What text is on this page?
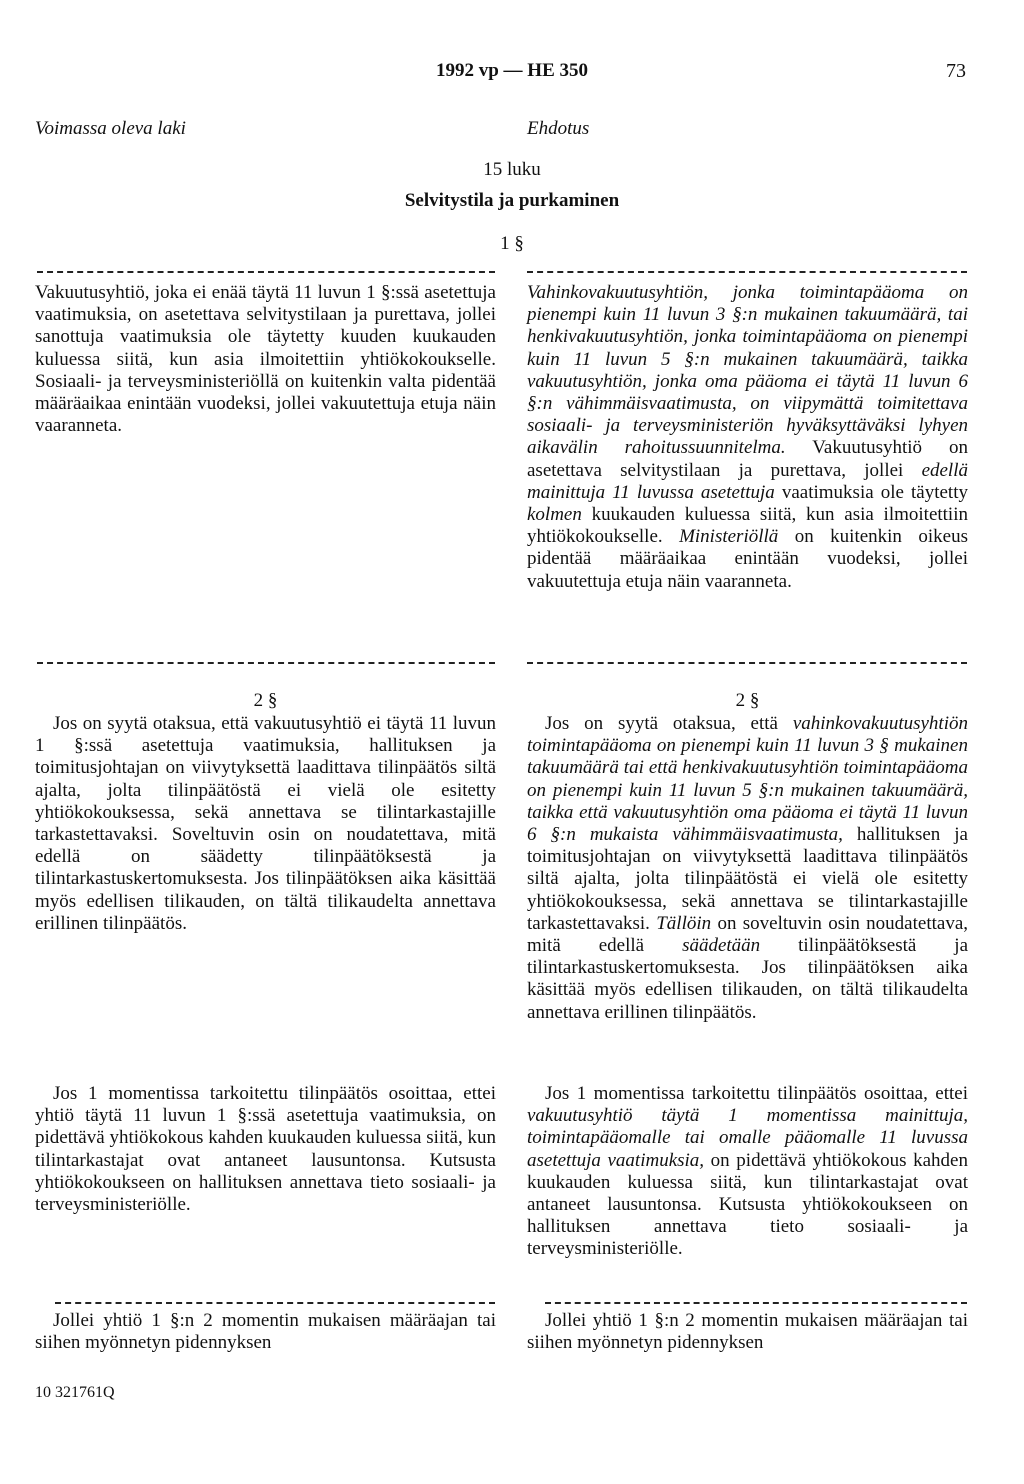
1992 vp — HE 350	73
Voimassa oleva laki	Ehdotus
15 luku
Selvitystila ja purkaminen
1 §

Vakuutusyhtiö, joka ei enää täytä 11 luvun 1 §:ssä asetettuja vaatimuksia, on asetettava selvitystilaan ja purettava, jollei sanottuja vaatimuksia ole täytetty kuuden kuukauden kuluessa siitä, kun asia ilmoitettiin yhtiökokoukselle. Sosiaali- ja terveysministeriöllä on kuitenkin valta pidentää määräaikaa enintään vuodeksi, jollei vakuutettuja etuja näin vaaranneta.

Vahinkovakuutusyhtiön, jonka toimintapääoma on pienempi kuin 11 luvun 3 §:n mukainen takuumäärä, tai henkivakuutusyhtiön, jonka toimintapääoma on pienempi kuin 11 luvun 5 §:n mukainen takuumäärä, taikka vakuutusyhtiön, jonka oma pääoma ei täytä 11 luvun 6 §:n vähimmäisvaatimusta, on viipymättä toimitettava sosiaali- ja terveysministeriön hyväksyttäväksi lyhyen aikavälin rahoitussuunnitelma. Vakuutusyhtiö on asetettava selvitystilaan ja purettava, jollei edellä mainittuja 11 luvussa asetettuja vaatimuksia ole täytetty kolmen kuukauden kuluessa siitä, kun asia ilmoitettiin yhtiökokoukselle. Ministeriöllä on kuitenkin oikeus pidentää määräaikaa enintään vuodeksi, jollei vakuutettuja etuja näin vaaranneta.

2 §	2 §

Jos on syytä otaksua, että vakuutusyhtiö ei täytä 11 luvun 1 §:ssä asetettuja vaatimuksia, hallituksen ja toimitusjohtajan on viivytyksettä laadittava tilinpäätös siltä ajalta, jolta tilinpäätöstä ei vielä ole esitetty yhtiökokouksessa, sekä annettava se tilintarkastajille tarkastettavaksi. Soveltuvin osin on noudatettava, mitä edellä on säädetty tilinpäätöksestä ja tilintarkastuskertomuksesta. Jos tilinpäätöksen aika käsittää myös edellisen tilikauden, on tältä tilikaudelta annettava erillinen tilinpäätös.

Jos on syytä otaksua, että vahinkovakuutusyhtiön toimintapääoma on pienempi kuin 11 luvun 3 § mukainen takuumäärä tai että henkivakuutusyhtiön toimintapääoma on pienempi kuin 11 luvun 5 §:n mukainen takuumäärä, taikka että vakuutusyhtiön oma pääoma ei täytä 11 luvun 6 §:n mukaista vähimmäisvaatimusta, hallituksen ja toimitusjohtajan on viivytyksettä laadittava tilinpäätös siltä ajalta, jolta tilinpäätöstä ei vielä ole esitetty yhtiökokouksessa, sekä annettava se tilintarkastajille tarkastettavaksi. Tällöin on soveltuvin osin noudatettava, mitä edellä säädetään tilinpäätöksestä ja tilintarkastuskertomuksesta. Jos tilinpäätöksen aika käsittää myös edellisen tilikauden, on tältä tilikaudelta annettava erillinen tilinpäätös.

Jos 1 momentissa tarkoitettu tilinpäätös osoittaa, ettei yhtiö täytä 11 luvun 1 §:ssä asetettuja vaatimuksia, on pidettävä yhtiökokous kahden kuukauden kuluessa siitä, kun tilintarkastajat ovat antaneet lausuntonsa. Kutsusta yhtiökokoukseen on hallituksen annettava tieto sosiaali- ja terveysministeriölle.

Jos 1 momentissa tarkoitettu tilinpäätös osoittaa, ettei vakuutusyhtiö täytä 1 momentissa mainittuja, toimintapääomalle tai omalle pääomalle 11 luvussa asetettuja vaatimuksia, on pidettävä yhtiökokous kahden kuukauden kuluessa siitä, kun tilintarkastajat ovat antaneet lausuntonsa. Kutsusta yhtiökokoukseen on hallituksen annettava tieto sosiaali- ja terveysministeriölle.

Jollei yhtiö 1 §:n 2 momentin mukaisen määräajan tai siihen myönnetyn pidennyksen

Jollei yhtiö 1 §:n 2 momentin mukaisen määräajan tai siihen myönnetyn pidennyksen

10 321761Q
